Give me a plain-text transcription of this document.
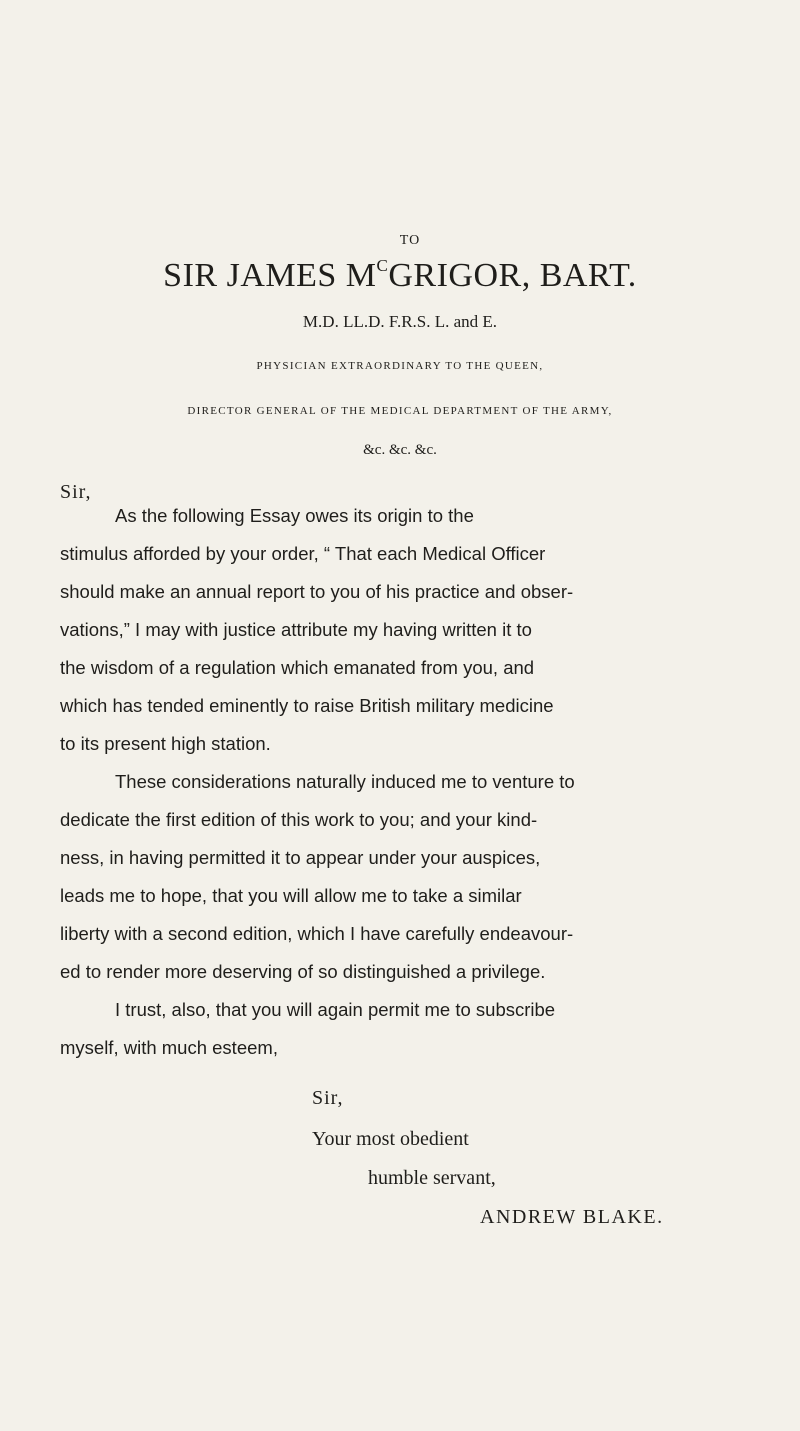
TO
SIR JAMES $M^CGRIGOR$, BART.
M.D. LL.D. F.R.S. L. and E.
PHYSICIAN EXTRAORDINARY TO THE QUEEN,
DIRECTOR GENERAL OF THE MEDICAL DEPARTMENT OF THE ARMY,
&c. &c. &c.
Sir,
As the following Essay owes its origin to the
stimulus afforded by your order, “ That each Medical Officer
should make an annual report to you of his practice and obser-
vations,” I may with justice attribute my having written it to
the wisdom of a regulation which emanated from you, and
which has tended eminently to raise British military medicine
to its present high station.
These considerations naturally induced me to venture to
dedicate the first edition of this work to you; and your kind-
ness, in having permitted it to appear under your auspices,
leads me to hope, that you will allow me to take a similar
liberty with a second edition, which I have carefully endeavour-
ed to render more deserving of so distinguished a privilege.
I trust, also, that you will again permit me to subscribe
myself, with much esteem,
Sir,
Your most obedient
humble servant,
ANDREW BLAKE.
